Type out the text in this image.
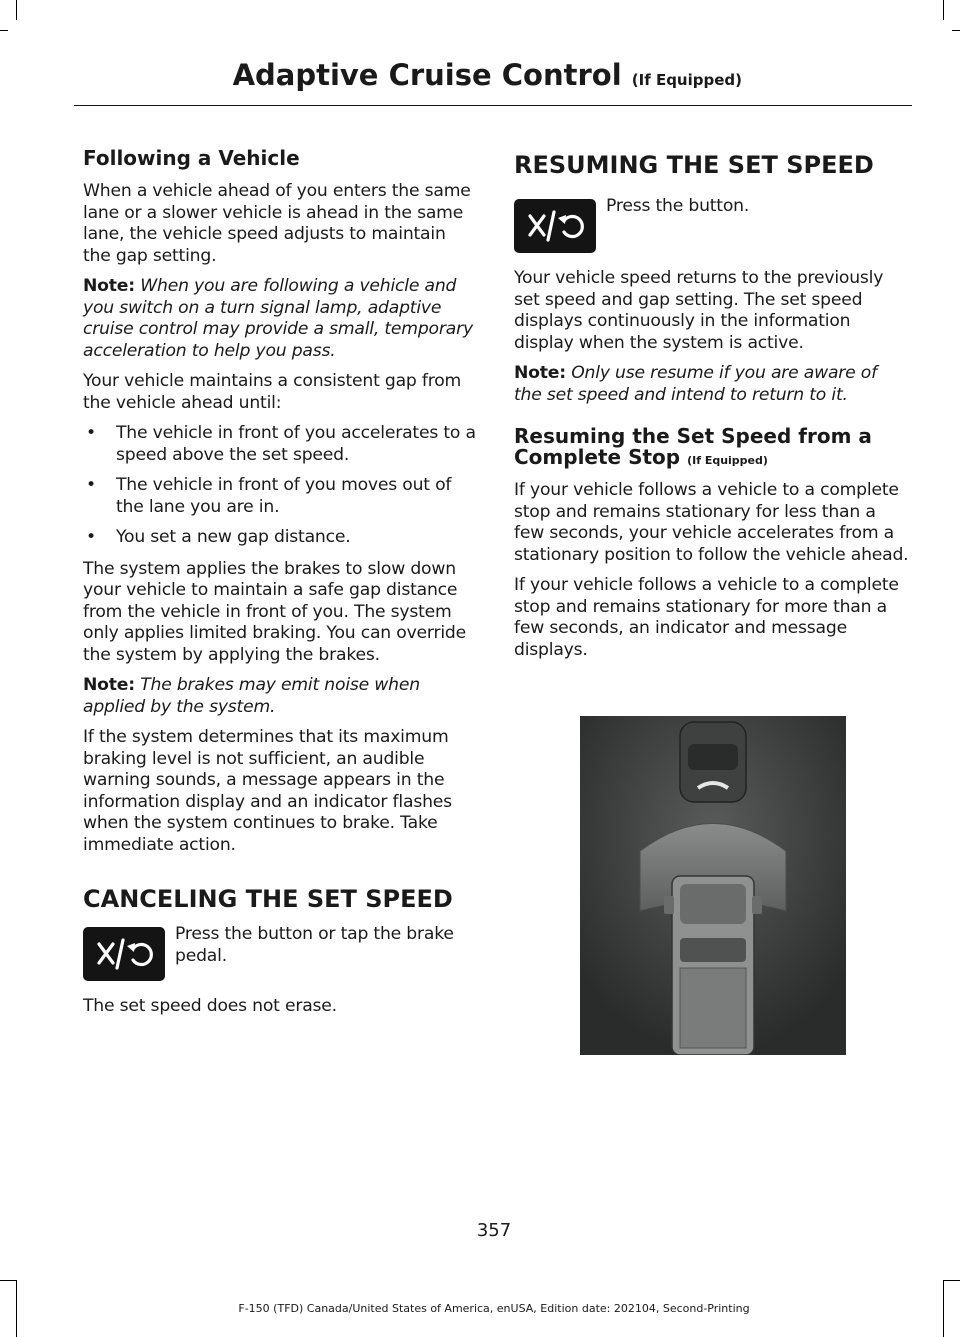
Adaptive Cruise Control (If Equipped)
Following a Vehicle

When a vehicle ahead of you enters the same lane or a slower vehicle is ahead in the same lane, the vehicle speed adjusts to maintain the gap setting.

Note: When you are following a vehicle and you switch on a turn signal lamp, adaptive cruise control may provide a small, temporary acceleration to help you pass.

Your vehicle maintains a consistent gap from the vehicle ahead until:

• The vehicle in front of you accelerates to a speed above the set speed.
• The vehicle in front of you moves out of the lane you are in.
• You set a new gap distance.

The system applies the brakes to slow down your vehicle to maintain a safe gap distance from the vehicle in front of you. The system only applies limited braking. You can override the system by applying the brakes.

Note: The brakes may emit noise when applied by the system.

If the system determines that its maximum braking level is not sufficient, an audible warning sounds, a message appears in the information display and an indicator flashes when the system continues to brake. Take immediate action.

CANCELING THE SET SPEED
Press the button or tap the brake pedal.

The set speed does not erase.

RESUMING THE SET SPEED
Press the button.

Your vehicle speed returns to the previously set speed and gap setting. The set speed displays continuously in the information display when the system is active.

Note: Only use resume if you are aware of the set speed and intend to return to it.

Resuming the Set Speed from a Complete Stop (If Equipped)

If your vehicle follows a vehicle to a complete stop and remains stationary for less than a few seconds, your vehicle accelerates from a stationary position to follow the vehicle ahead.

If your vehicle follows a vehicle to a complete stop and remains stationary for more than a few seconds, an indicator and message displays.

357
F-150 (TFD) Canada/United States of America, enUSA, Edition date: 202104, Second-Printing
